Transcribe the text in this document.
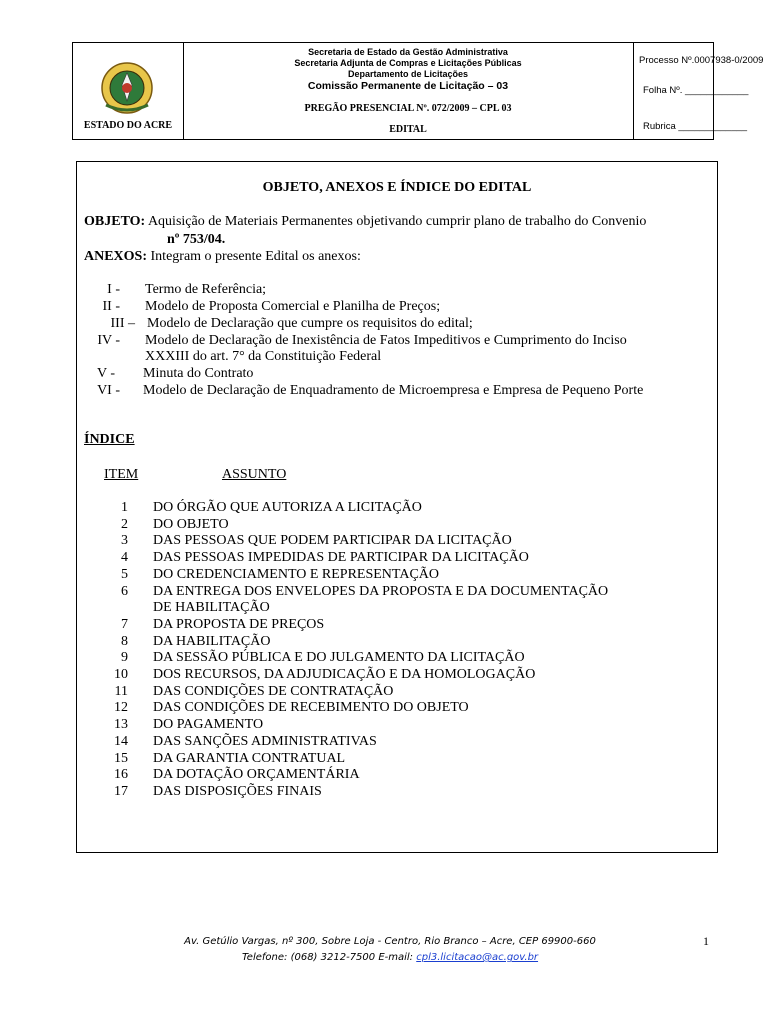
ESTADO DO ACRE
Secretaria de Estado da Gestão Administrativa
Secretaria Adjunta de Compras e Licitações Públicas
Departamento de Licitações
Comissão Permanente de Licitação – 03
PREGÃO PRESENCIAL Nº. 072/2009 – CPL 03
EDITAL
Processo Nº.0007938-0/2009
Folha Nº. ____________
Rubrica _____________
OBJETO, ANEXOS E ÍNDICE DO EDITAL
OBJETO: Aquisição de Materiais Permanentes objetivando cumprir plano de trabalho do Convenio
nº 753/04.
ANEXOS: Integram o presente Edital os anexos:
I - Termo de Referência;
II - Modelo de Proposta Comercial e Planilha de Preços;
III – Modelo de Declaração que cumpre os requisitos do edital;
IV - Modelo de Declaração de Inexistência de Fatos Impeditivos e Cumprimento do Inciso
XXXIII do art. 7° da Constituição Federal
V - Minuta do Contrato
VI - Modelo de Declaração de Enquadramento de Microempresa e Empresa de Pequeno Porte
ÍNDICE
ITEM	ASSUNTO
1 DO ÓRGÃO QUE AUTORIZA A LICITAÇÃO
2 DO OBJETO
3 DAS PESSOAS QUE PODEM PARTICIPAR DA LICITAÇÃO
4 DAS PESSOAS IMPEDIDAS DE PARTICIPAR DA LICITAÇÃO
5 DO CREDENCIAMENTO E REPRESENTAÇÃO
6 DA ENTREGA DOS ENVELOPES DA PROPOSTA E DA DOCUMENTAÇÃO
DE HABILITAÇÃO
7 DA PROPOSTA DE PREÇOS
8 DA HABILITAÇÃO
9 DA SESSÃO PÚBLICA E DO JULGAMENTO DA LICITAÇÃO
10 DOS RECURSOS, DA ADJUDICAÇÃO E DA HOMOLOGAÇÃO
11 DAS CONDIÇÕES DE CONTRATAÇÃO
12 DAS CONDIÇÕES DE RECEBIMENTO DO OBJETO
13 DO PAGAMENTO
14 DAS SANÇÕES ADMINISTRATIVAS
15 DA GARANTIA CONTRATUAL
16 DA DOTAÇÃO ORÇAMENTÁRIA
17 DAS DISPOSIÇÕES FINAIS
Av. Getúlio Vargas, nº 300, Sobre Loja - Centro, Rio Branco – Acre, CEP 69900-660
Telefone: (068) 3212-7500 E-mail: cpl3.licitacao@ac.gov.br
1
